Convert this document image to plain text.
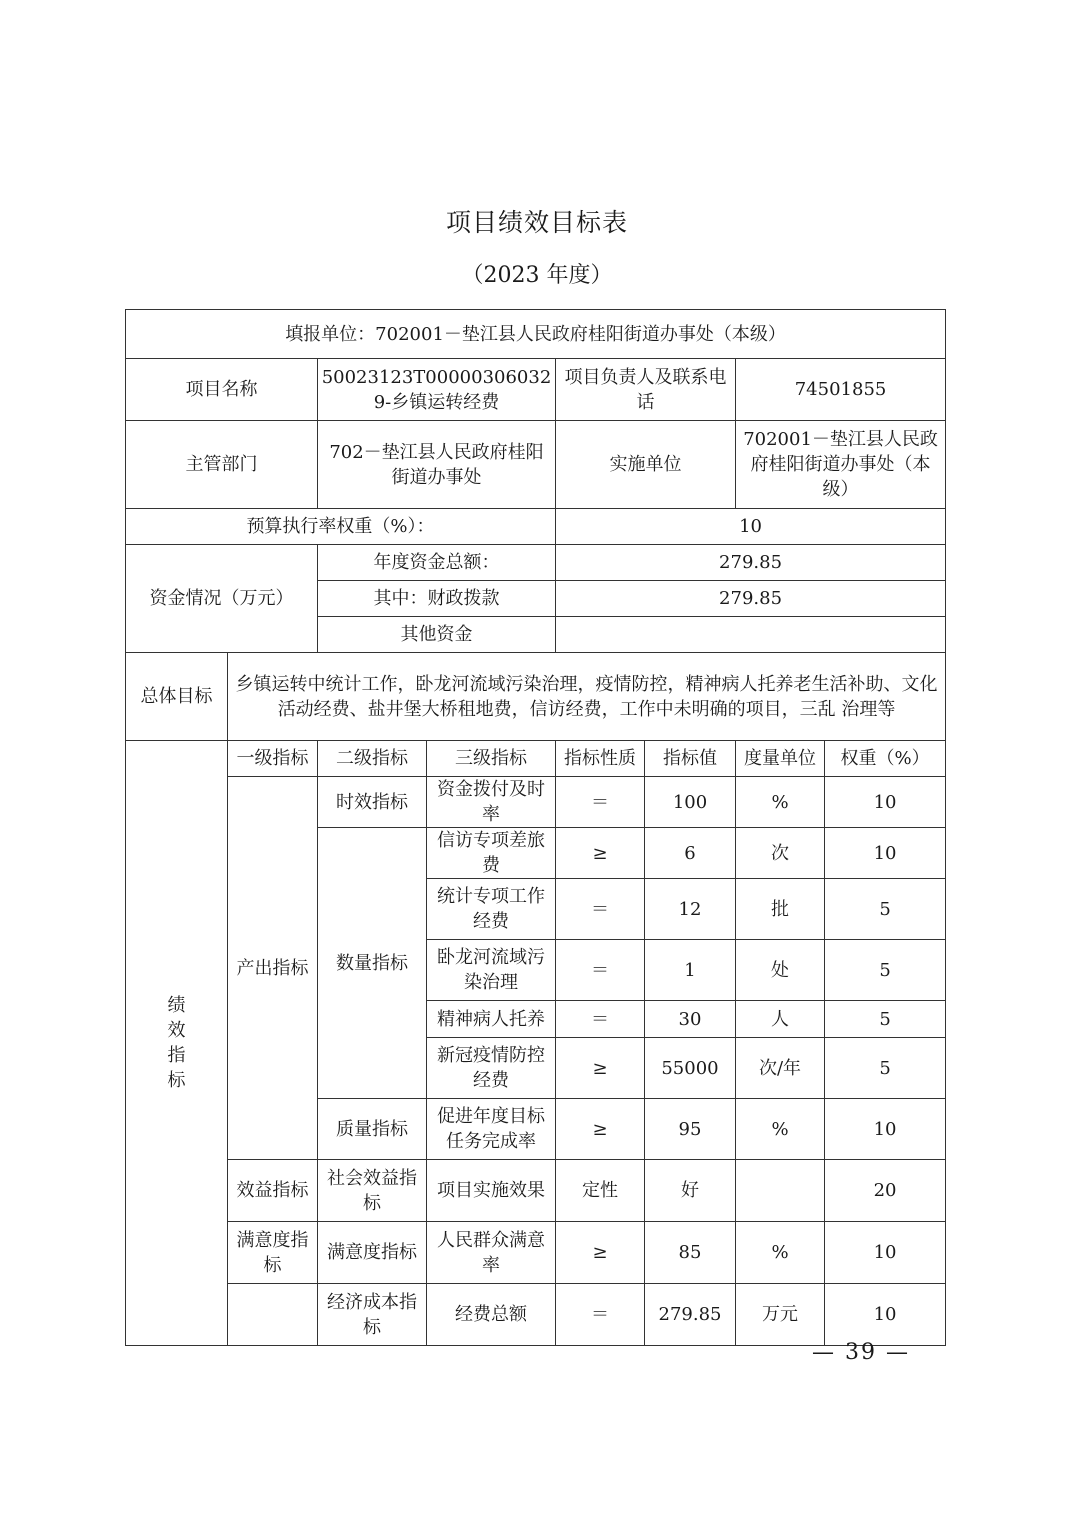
项目绩效目标表
（2023 年度）
填报单位：702001－垫江县人民政府桂阳街道办事处（本级）							
项目名称		50023123T000003060329-乡镇运转经费		项目负责人及联系电话		74501855	
主管部门		702－垫江县人民政府桂阳 街道办事处		实施单位		702001－垫江县人民政府桂阳街道办事处（本级）	
预算执行率权重（%）：				10			
资金情况（万元）		年度资金总额：		279.85			
		其中：财政拨款		279.85			
		其他资金					
总体目标	乡镇运转中统计工作，卧龙河流域污染治理，疫情防控，精神病人托养老生活补助、文化活动经费、盐井堡大桥租地费，信访经费，工作中未明确的项目，三乱 治理等						
绩效指标	一级指标	二级指标	三级指标	指标性质	指标值	度量单位	权重（%）
	产出指标	时效指标	资金拨付及时率	＝	100	%	10
		数量指标	信访专项差旅费	≥	6	次	10
			统计专项工作经费	＝	12	批	5
			卧龙河流域污染治理	＝	1	处	5
			精神病人托养	＝	30	人	5
			新冠疫情防控经费	≥	55000	次/年	5
		质量指标	促进年度目标任务完成率	≥	95	%	10
	效益指标	社会效益指标	项目实施效果	定性	好		20
	满意度指标	满意度指标	人民群众满意率	≥	85	%	10
		经济成本指标	经费总额	＝	279.85	万元	10
— 39 —
